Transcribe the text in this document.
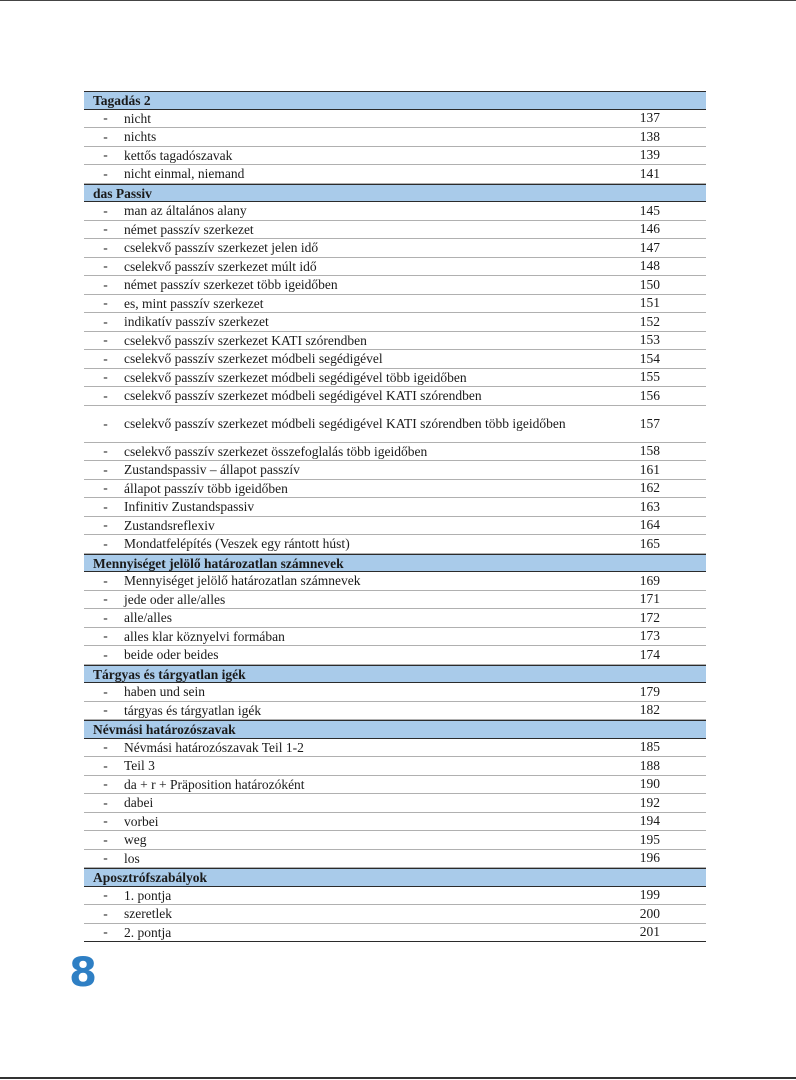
Tagadás 2
-	nicht	137
-	nichts	138
-	kettős tagadószavak	139
-	nicht einmal, niemand	141
das Passiv
-	man az általános alany	145
-	német passzív szerkezet	146
-	cselekvő passzív szerkezet jelen idő	147
-	cselekvő passzív szerkezet múlt idő	148
-	német passzív szerkezet több igeidőben	150
-	es, mint passzív szerkezet	151
-	indikatív passzív szerkezet	152
-	cselekvő passzív szerkezet KATI szórendben	153
-	cselekvő passzív szerkezet módbeli segédigével	154
-	cselekvő passzív szerkezet módbeli segédigével több igeidőben	155
-	cselekvő passzív szerkezet módbeli segédigével KATI szórendben	156
-	cselekvő passzív szerkezet módbeli segédigével KATI szórendben több igeidőben	157
-	cselekvő passzív szerkezet összefoglalás több igeidőben	158
-	Zustandspassiv – állapot passzív	161
-	állapot passzív több igeidőben	162
-	Infinitiv Zustandspassiv	163
-	Zustandsreflexiv	164
-	Mondatfelépítés (Veszek egy rántott húst)	165
Mennyiséget jelölő határozatlan számnevek
-	Mennyiséget jelölő határozatlan számnevek	169
-	jede oder alle/alles	171
-	alle/alles	172
-	alles klar köznyelvi formában	173
-	beide oder beides	174
Tárgyas és tárgyatlan igék
-	haben und sein	179
-	tárgyas és tárgyatlan igék	182
Névmási határozószavak
-	Névmási határozószavak Teil 1-2	185
-	Teil 3	188
-	da + r + Präposition határozóként	190
-	dabei	192
-	vorbei	194
-	weg	195
-	los	196
Aposztrófszabályok
-	1. pontja	199
-	szeretlek	200
-	2. pontja	201
8
